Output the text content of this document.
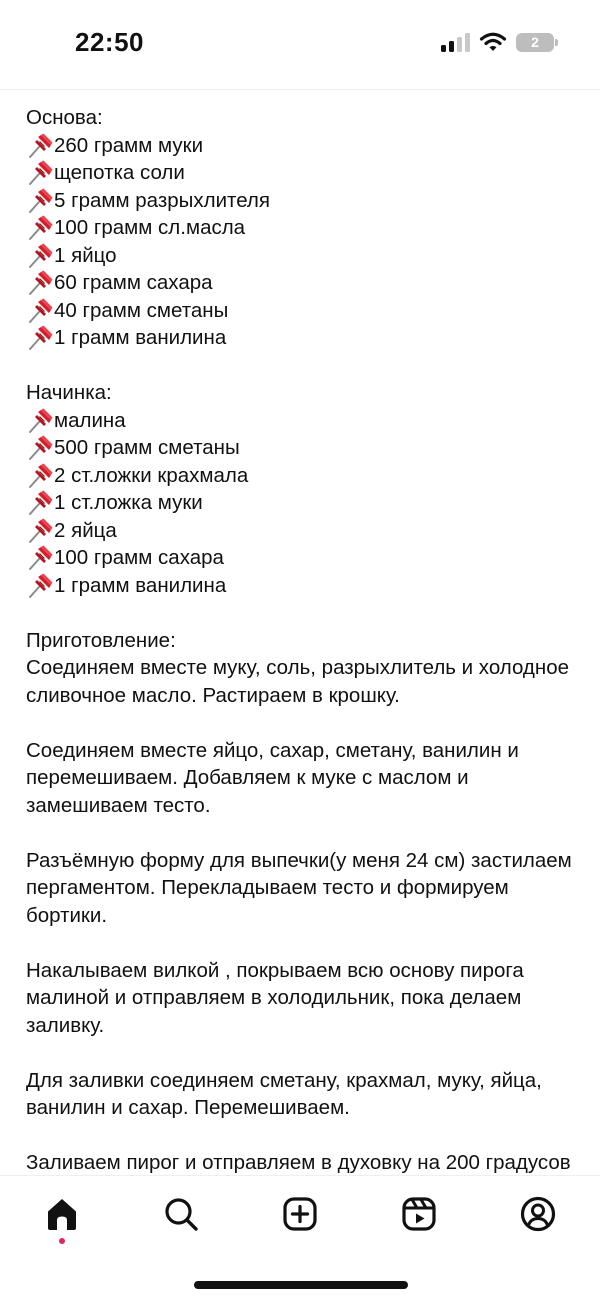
22:50	2
Основа:
260 грамм муки
щепотка соли
5 грамм разрыхлителя
100 грамм сл.масла
1 яйцо
60 грамм сахара
40 грамм сметаны
1 грамм ванилина
Начинка:
малина
500 грамм сметаны
2 ст.ложки крахмала
1 ст.ложка муки
2 яйца
100 грамм сахара
1 грамм ванилина
Приготовление:

Соединяем вместе муку, соль, разрыхлитель и холодное сливочное масло. Растираем в крошку.

Соединяем вместе яйцо, сахар, сметану, ванилин и перемешиваем. Добавляем к муке с маслом и замешиваем тесто.

Разъёмную форму для выпечки(у меня 24 см) застилаем пергаментом. Перекладываем тесто и формируем бортики.

Накалываем вилкой , покрываем всю основу пирога малиной и отправляем в холодильник, пока делаем заливку.

Для заливки соединяем сметану, крахмал, муку, яйца, ванилин и сахар. Перемешиваем.

Заливаем пирог и отправляем в духовку на 200 градусов
